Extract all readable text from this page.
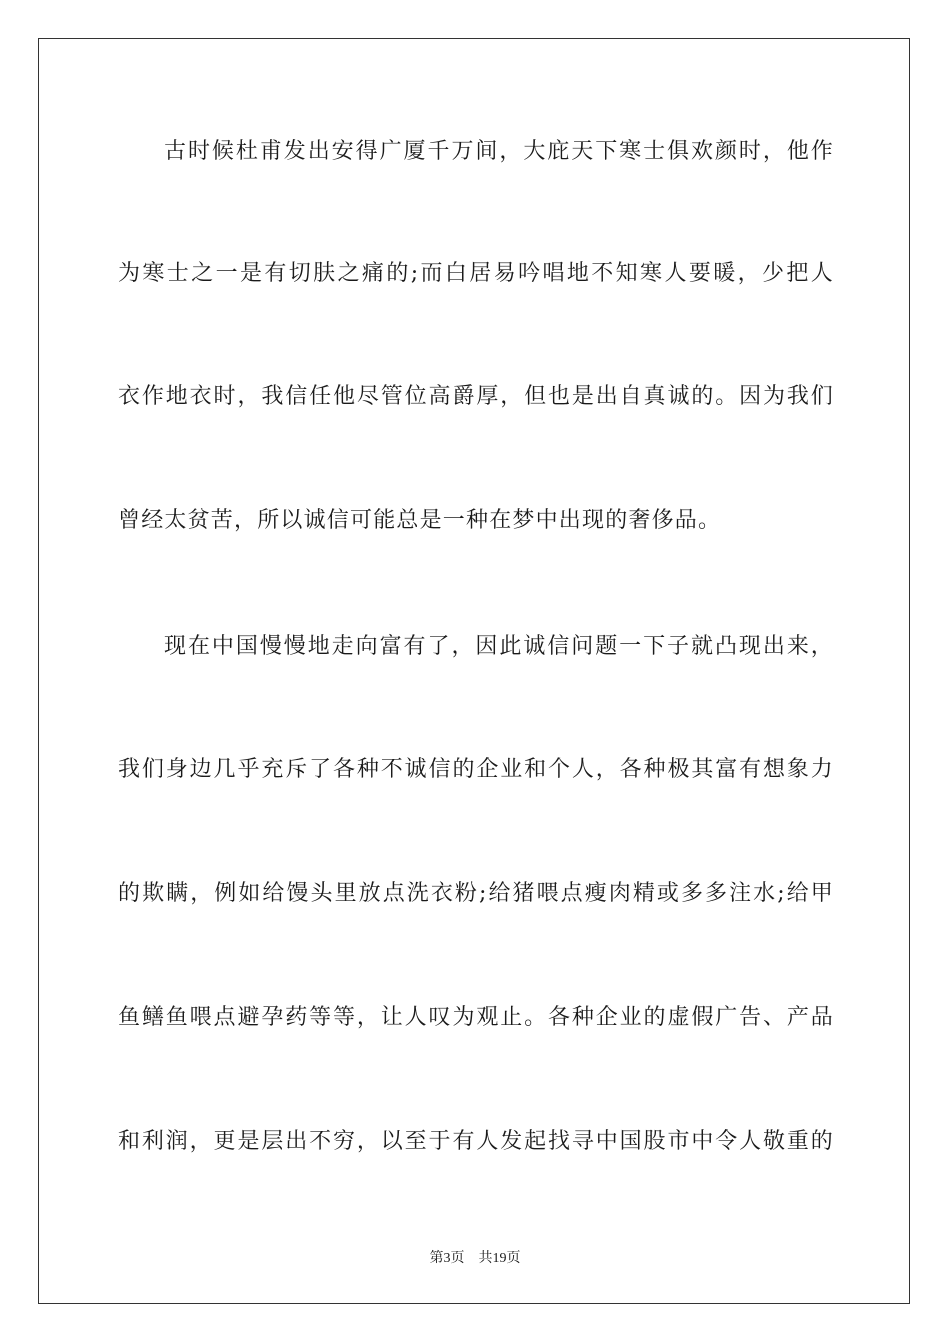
古时候杜甫发出安得广厦千万间，大庇天下寒士俱欢颜时，他作
为寒士之一是有切肤之痛的;而白居易吟唱地不知寒人要暖，少把人
衣作地衣时，我信任他尽管位高爵厚，但也是出自真诚的。因为我们
曾经太贫苦，所以诚信可能总是一种在梦中出现的奢侈品。
现在中国慢慢地走向富有了，因此诚信问题一下子就凸现出来，
我们身边几乎充斥了各种不诚信的企业和个人，各种极其富有想象力
的欺瞒，例如给馒头里放点洗衣粉;给猪喂点瘦肉精或多多注水;给甲
鱼鳝鱼喂点避孕药等等，让人叹为观止。各种企业的虚假广告、产品
和利润，更是层出不穷，以至于有人发起找寻中国股市中令人敬重的
第3页 共19页
